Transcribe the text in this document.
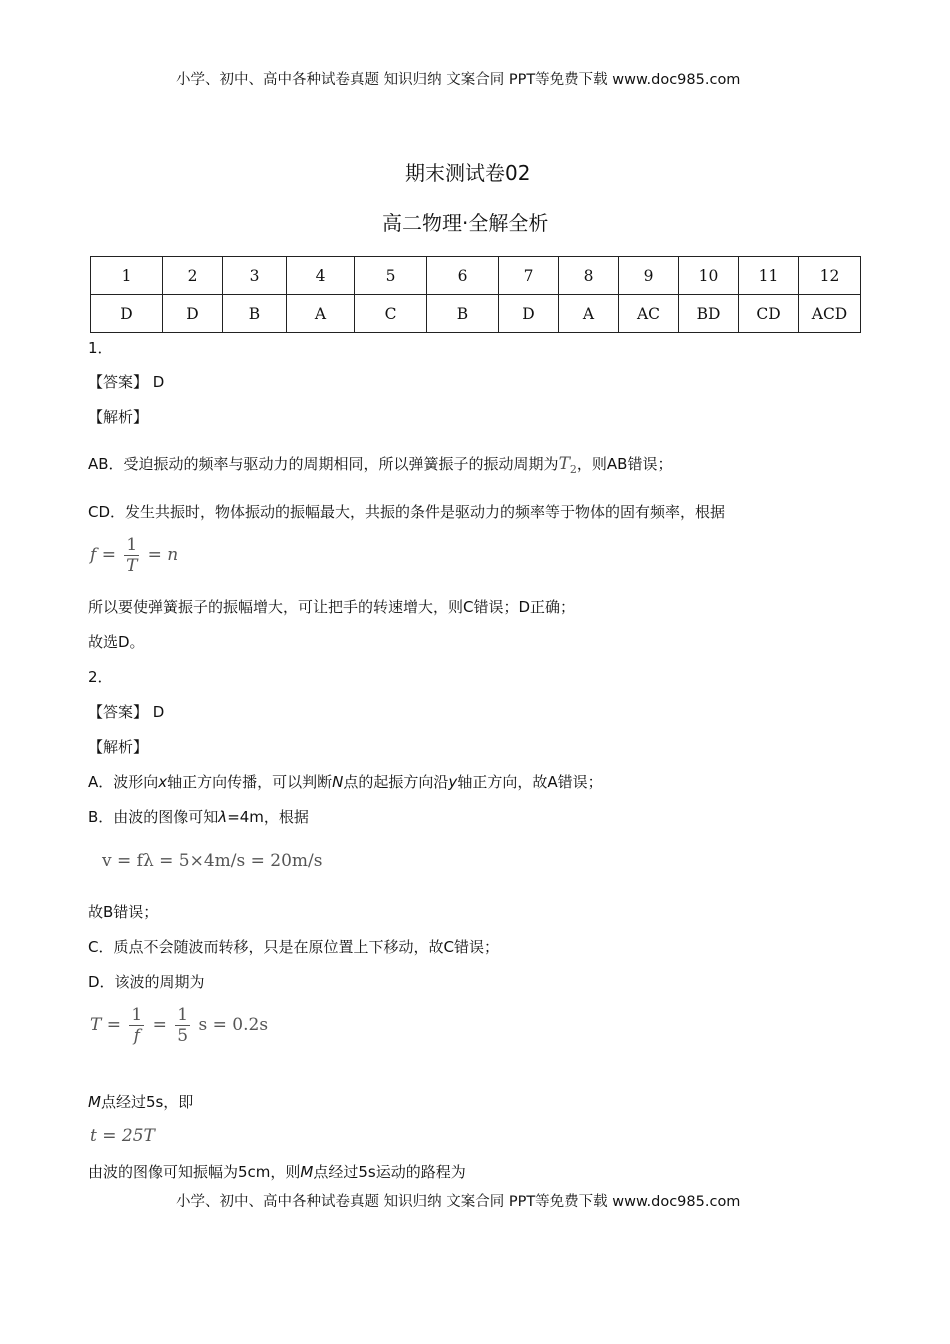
小学、初中、高中各种试卷真题 知识归纳 文案合同 PPT等免费下载 www.doc985.com
期末测试卷02
高二物理·全解全析
1	2	3	4	5	6	7	8	9	10	11	12
D	D	B	A	C	B	D	A	AC	BD	CD	ACD
1．
【答案】 D
【解析】
AB．受迫振动的频率与驱动力的周期相同，所以弹簧振子的振动周期为$T_2$，则AB错误；
CD．发生共振时，物体振动的振幅最大，共振的条件是驱动力的频率等于物体的固有频率，根据
$f = \frac{1}{T} = n$
所以要使弹簧振子的振幅增大，可让把手的转速增大，则C错误；D正确；
故选D。
2．
【答案】 D
【解析】
A．波形向x轴正方向传播，可以判断N点的起振方向沿y轴正方向，故A错误；
B．由波的图像可知λ=4m，根据
v = fλ = 5×4m/s = 20m/s
故B错误；
C．质点不会随波而转移，只是在原位置上下移动，故C错误；
D．该波的周期为
$T = \frac{1}{f} = \frac{1}{5}$ s = 0.2s
M点经过5s，即
t = 25T
由波的图像可知振幅为5cm，则M点经过5s运动的路程为
小学、初中、高中各种试卷真题 知识归纳 文案合同 PPT等免费下载 www.doc985.com
